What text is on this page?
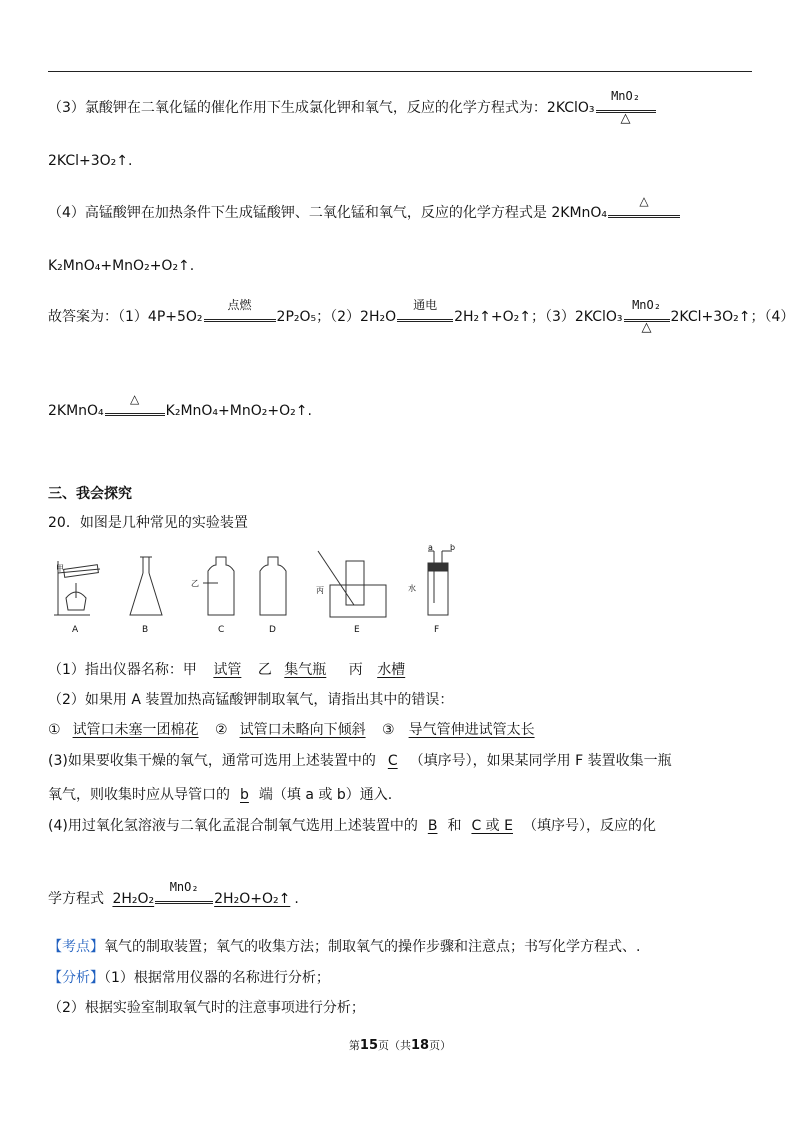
（3）氯酸钾在二氧化锰的催化作用下生成氯化钾和氧气，反应的化学方程式为：2KClO₃
MnO₂
△
2KCl+3O₂↑.
（4）高锰酸钾在加热条件下生成锰酸钾、二氧化锰和氧气，反应的化学方程式是 2KMnO₄
△
K₂MnO₄+MnO₂+O₂↑.
故答案为：（1）4P+5O₂
点燃
2P₂O₅；（2）2H₂O
通电
2H₂↑+O₂↑；（3）2KClO₃
MnO₂
△
2KCl+3O₂↑；（4）
2KMnO₄
△
K₂MnO₄+MnO₂+O₂↑.
三、我会探究
20．如图是几种常见的实验装置
甲
乙
丙	水
a b
A	B	C	D	E	F
（1）指出仪器名称：甲 试管 乙 集气瓶 丙 水槽
（2）如果用 A 装置加热高锰酸钾制取氧气，请指出其中的错误：
① 试管口未塞一团棉花 ② 试管口未略向下倾斜 ③ 导气管伸进试管太长
(3)如果要收集干燥的氧气，通常可选用上述装置中的 C （填序号），如果某同学用 F 装置收集一瓶
氧气，则收集时应从导管口的 b 端（填 a 或 b）通入.
(4)用过氧化氢溶液与二氧化孟混合制氧气选用上述装置中的 B 和 C 或 E （填序号），反应的化
学方程式 2H₂O₂
MnO₂
2H₂O+O₂↑ .
【考点】氧气的制取装置；氧气的收集方法；制取氧气的操作步骤和注意点；书写化学方程式、.
【分析】（1）根据常用仪器的名称进行分析；
（2）根据实验室制取氧气时的注意事项进行分析；
第15页（共18页）
